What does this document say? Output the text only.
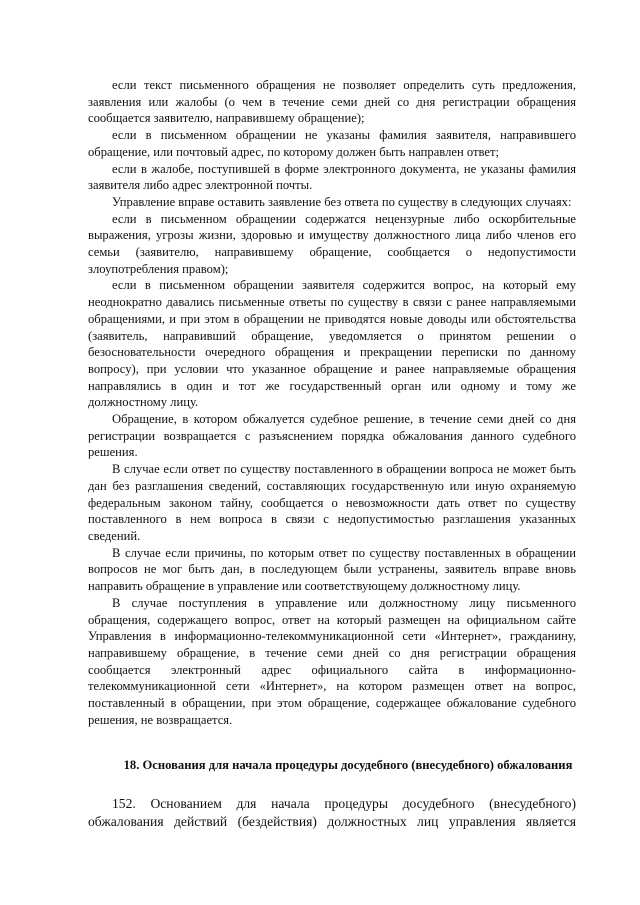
если текст письменного обращения не позволяет определить суть предложения, заявления или жалобы (о чем в течение семи дней со дня регистрации обращения сообщается заявителю, направившему обращение);

если в письменном обращении не указаны фамилия заявителя, направившего обращение, или почтовый адрес, по которому должен быть направлен ответ;

если в жалобе, поступившей в форме электронного документа, не указаны фамилия заявителя либо адрес электронной почты.

Управление вправе оставить заявление без ответа по существу в следующих случаях:

если в письменном обращении содержатся нецензурные либо оскорбительные выражения, угрозы жизни, здоровью и имуществу должностного лица либо членов его семьи (заявителю, направившему обращение, сообщается о недопустимости злоупотребления правом);

если в письменном обращении заявителя содержится вопрос, на который ему неоднократно давались письменные ответы по существу в связи с ранее направляемыми обращениями, и при этом в обращении не приводятся новые доводы или обстоятельства (заявитель, направивший обращение, уведомляется о принятом решении о безосновательности очередного обращения и прекращении переписки по данному вопросу), при условии что указанное обращение и ранее направляемые обращения направлялись в один и тот же государственный орган или одному и тому же должностному лицу.

Обращение, в котором обжалуется судебное решение, в течение семи дней со дня регистрации возвращается с разъяснением порядка обжалования данного судебного решения.

В случае если ответ по существу поставленного в обращении вопроса не может быть дан без разглашения сведений, составляющих государственную или иную охраняемую федеральным законом тайну, сообщается о невозможности дать ответ по существу поставленного в нем вопроса в связи с недопустимостью разглашения указанных сведений.

В случае если причины, по которым ответ по существу поставленных в обращении вопросов не мог быть дан, в последующем были устранены, заявитель вправе вновь направить обращение в управление или соответствующему должностному лицу.

В случае поступления в управление или должностному лицу письменного обращения, содержащего вопрос, ответ на который размещен на официальном сайте Управления в информационно-телекоммуникационной сети «Интернет», гражданину, направившему обращение, в течение семи дней со дня регистрации обращения сообщается электронный адрес официального сайта в информационно-телекоммуникационной сети «Интернет», на котором размещен ответ на вопрос, поставленный в обращении, при этом обращение, содержащее обжалование судебного решения, не возвращается.

18. Основания для начала процедуры досудебного (внесудебного) обжалования

152. Основанием для начала процедуры досудебного (внесудебного) обжалования действий (бездействия) должностных лиц управления является
